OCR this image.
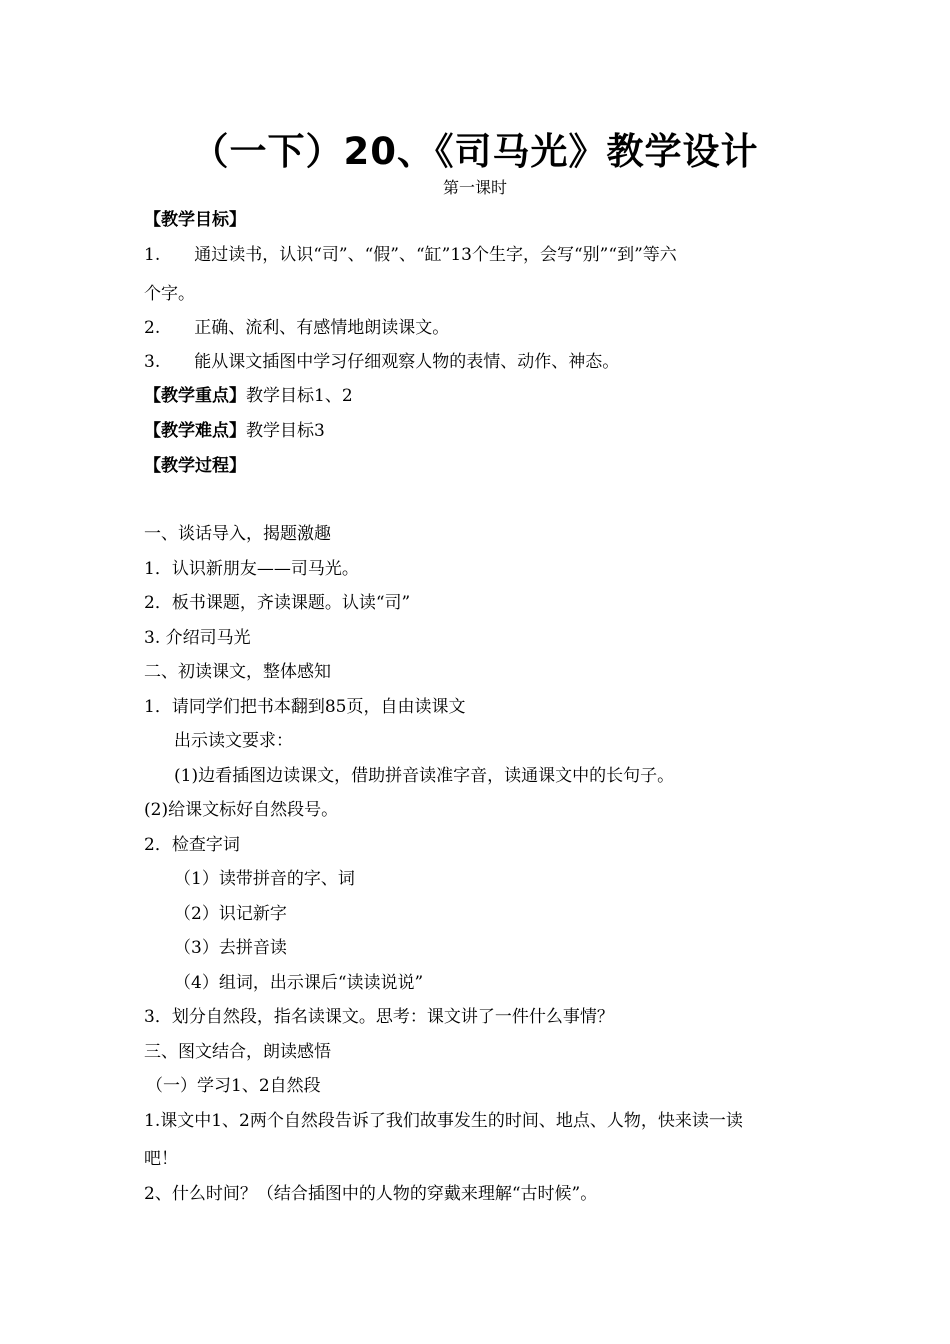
（一下）20、《司马光》教学设计
第一课时
【教学目标】
1.　　通过读书，认识“司”、“假”、“缸”13个生字，会写“别”“到”等六
个字。
2.　　正确、流利、有感情地朗读课文。
3.　　能从课文插图中学习仔细观察人物的表情、动作、神态。
【教学重点】教学目标1、2
【教学难点】教学目标3
【教学过程】
一、谈话导入，揭题激趣
1．认识新朋友——司马光。
2．板书课题，齐读课题。认读“司”
3. 介绍司马光
二、初读课文，整体感知
1．请同学们把书本翻到85页，自由读课文
出示读文要求：
(1)边看插图边读课文，借助拼音读准字音，读通课文中的长句子。
(2)给课文标好自然段号。
2．检查字词
（1）读带拼音的字、词
（2）识记新字
（3）去拼音读
（4）组词，出示课后“读读说说”
3．划分自然段，指名读课文。思考：课文讲了一件什么事情？
三、图文结合，朗读感悟
（一）学习1、2自然段
1.课文中1、2两个自然段告诉了我们故事发生的时间、地点、人物，快来读一读
吧！
2、什么时间？（结合插图中的人物的穿戴来理解“古时候”。
